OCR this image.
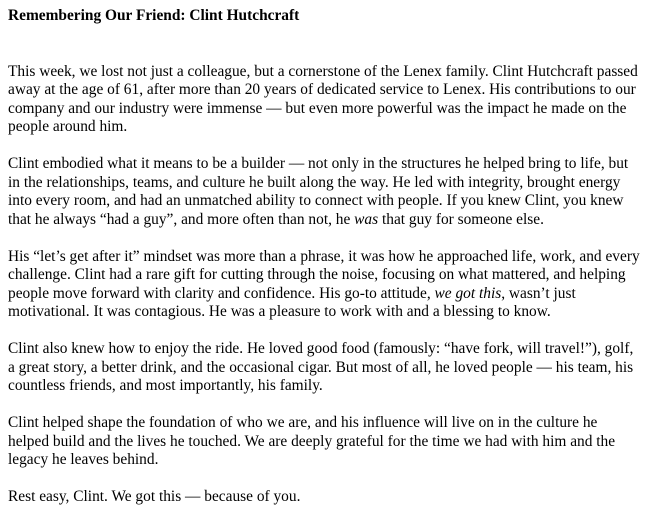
Remembering Our Friend: Clint Hutchcraft
This week, we lost not just a colleague, but a cornerstone of the Lenex family. Clint Hutchcraft passed away at the age of 61, after more than 20 years of dedicated service to Lenex. His contributions to our company and our industry were immense — but even more powerful was the impact he made on the people around him.
Clint embodied what it means to be a builder — not only in the structures he helped bring to life, but in the relationships, teams, and culture he built along the way. He led with integrity, brought energy into every room, and had an unmatched ability to connect with people. If you knew Clint, you knew that he always “had a guy”, and more often than not, he was that guy for someone else.
His “let’s get after it” mindset was more than a phrase, it was how he approached life, work, and every challenge. Clint had a rare gift for cutting through the noise, focusing on what mattered, and helping people move forward with clarity and confidence. His go-to attitude, we got this, wasn’t just motivational. It was contagious. He was a pleasure to work with and a blessing to know.
Clint also knew how to enjoy the ride. He loved good food (famously: “have fork, will travel!”), golf, a great story, a better drink, and the occasional cigar. But most of all, he loved people — his team, his countless friends, and most importantly, his family.
Clint helped shape the foundation of who we are, and his influence will live on in the culture he helped build and the lives he touched. We are deeply grateful for the time we had with him and the legacy he leaves behind.
Rest easy, Clint. We got this — because of you.
